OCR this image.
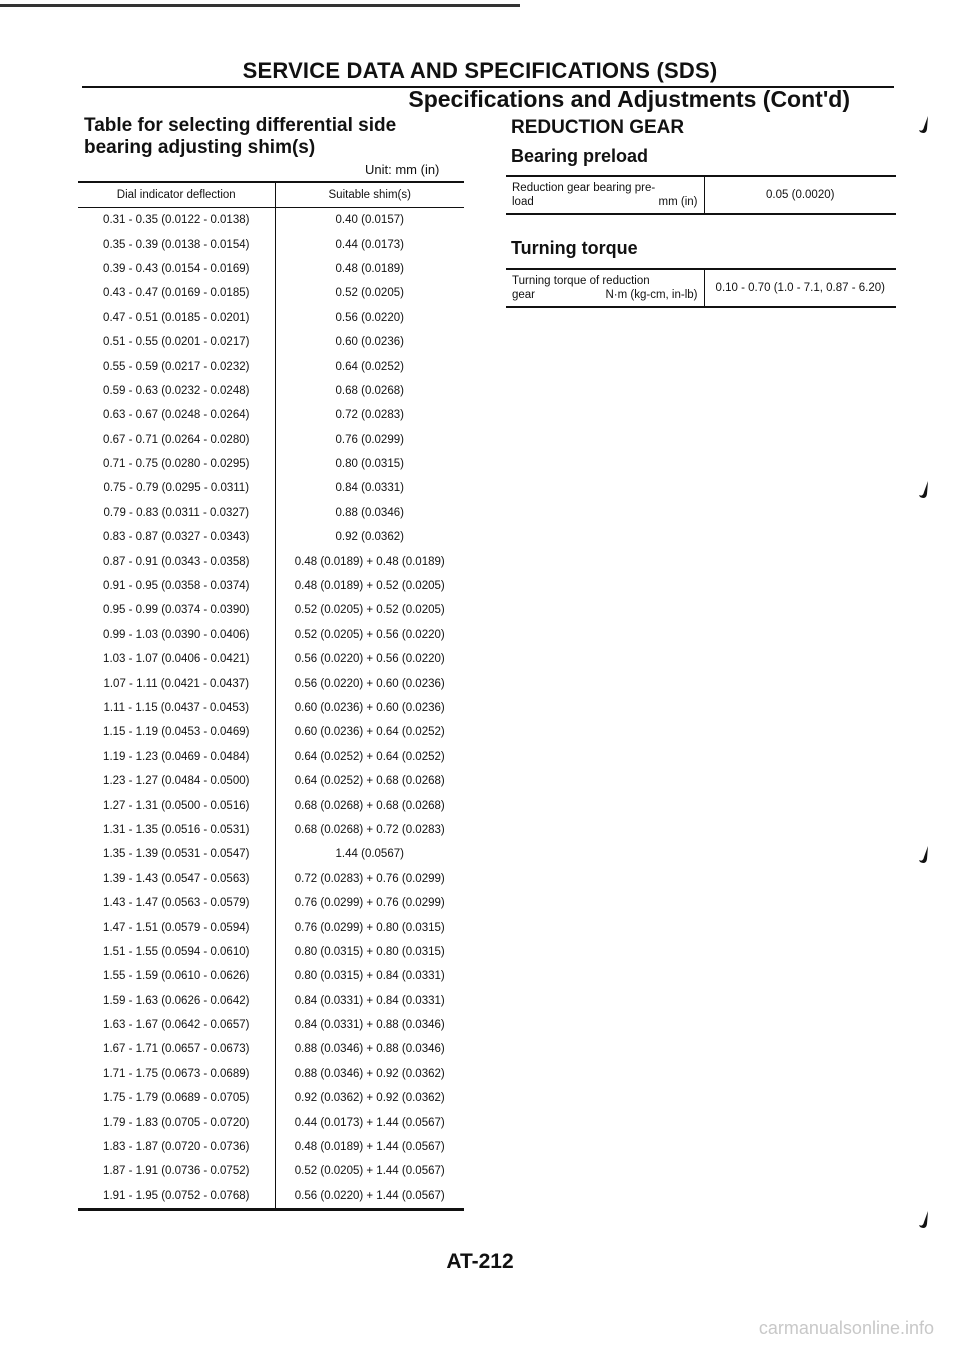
SERVICE DATA AND SPECIFICATIONS (SDS)
Specifications and Adjustments (Cont'd)
Table for selecting differential side
bearing adjusting shim(s)
Unit: mm (in)
Dial indicator deflection	Suitable shim(s)
0.31 - 0.35 (0.0122 - 0.0138)	0.40 (0.0157)
0.35 - 0.39 (0.0138 - 0.0154)	0.44 (0.0173)
0.39 - 0.43 (0.0154 - 0.0169)	0.48 (0.0189)
0.43 - 0.47 (0.0169 - 0.0185)	0.52 (0.0205)
0.47 - 0.51 (0.0185 - 0.0201)	0.56 (0.0220)
0.51 - 0.55 (0.0201 - 0.0217)	0.60 (0.0236)
0.55 - 0.59 (0.0217 - 0.0232)	0.64 (0.0252)
0.59 - 0.63 (0.0232 - 0.0248)	0.68 (0.0268)
0.63 - 0.67 (0.0248 - 0.0264)	0.72 (0.0283)
0.67 - 0.71 (0.0264 - 0.0280)	0.76 (0.0299)
0.71 - 0.75 (0.0280 - 0.0295)	0.80 (0.0315)
0.75 - 0.79 (0.0295 - 0.0311)	0.84 (0.0331)
0.79 - 0.83 (0.0311 - 0.0327)	0.88 (0.0346)
0.83 - 0.87 (0.0327 - 0.0343)	0.92 (0.0362)
0.87 - 0.91 (0.0343 - 0.0358)	0.48 (0.0189) + 0.48 (0.0189)
0.91 - 0.95 (0.0358 - 0.0374)	0.48 (0.0189) + 0.52 (0.0205)
0.95 - 0.99 (0.0374 - 0.0390)	0.52 (0.0205) + 0.52 (0.0205)
0.99 - 1.03 (0.0390 - 0.0406)	0.52 (0.0205) + 0.56 (0.0220)
1.03 - 1.07 (0.0406 - 0.0421)	0.56 (0.0220) + 0.56 (0.0220)
1.07 - 1.11 (0.0421 - 0.0437)	0.56 (0.0220) + 0.60 (0.0236)
1.11 - 1.15 (0.0437 - 0.0453)	0.60 (0.0236) + 0.60 (0.0236)
1.15 - 1.19 (0.0453 - 0.0469)	0.60 (0.0236) + 0.64 (0.0252)
1.19 - 1.23 (0.0469 - 0.0484)	0.64 (0.0252) + 0.64 (0.0252)
1.23 - 1.27 (0.0484 - 0.0500)	0.64 (0.0252) + 0.68 (0.0268)
1.27 - 1.31 (0.0500 - 0.0516)	0.68 (0.0268) + 0.68 (0.0268)
1.31 - 1.35 (0.0516 - 0.0531)	0.68 (0.0268) + 0.72 (0.0283)
1.35 - 1.39 (0.0531 - 0.0547)	1.44 (0.0567)
1.39 - 1.43 (0.0547 - 0.0563)	0.72 (0.0283) + 0.76 (0.0299)
1.43 - 1.47 (0.0563 - 0.0579)	0.76 (0.0299) + 0.76 (0.0299)
1.47 - 1.51 (0.0579 - 0.0594)	0.76 (0.0299) + 0.80 (0.0315)
1.51 - 1.55 (0.0594 - 0.0610)	0.80 (0.0315) + 0.80 (0.0315)
1.55 - 1.59 (0.0610 - 0.0626)	0.80 (0.0315) + 0.84 (0.0331)
1.59 - 1.63 (0.0626 - 0.0642)	0.84 (0.0331) + 0.84 (0.0331)
1.63 - 1.67 (0.0642 - 0.0657)	0.84 (0.0331) + 0.88 (0.0346)
1.67 - 1.71 (0.0657 - 0.0673)	0.88 (0.0346) + 0.88 (0.0346)
1.71 - 1.75 (0.0673 - 0.0689)	0.88 (0.0346) + 0.92 (0.0362)
1.75 - 1.79 (0.0689 - 0.0705)	0.92 (0.0362) + 0.92 (0.0362)
1.79 - 1.83 (0.0705 - 0.0720)	0.44 (0.0173) + 1.44 (0.0567)
1.83 - 1.87 (0.0720 - 0.0736)	0.48 (0.0189) + 1.44 (0.0567)
1.87 - 1.91 (0.0736 - 0.0752)	0.52 (0.0205) + 1.44 (0.0567)
1.91 - 1.95 (0.0752 - 0.0768)	0.56 (0.0220) + 1.44 (0.0567)
REDUCTION GEAR
Bearing preload
Reduction gear bearing pre-
load	mm (in)
	0.05 (0.0020)
Turning torque
Turning torque of reduction
gear	N·m (kg-cm, in-lb)
	0.10 - 0.70 (1.0 - 7.1, 0.87 - 6.20)
AT-212
carmanualsonline.info
